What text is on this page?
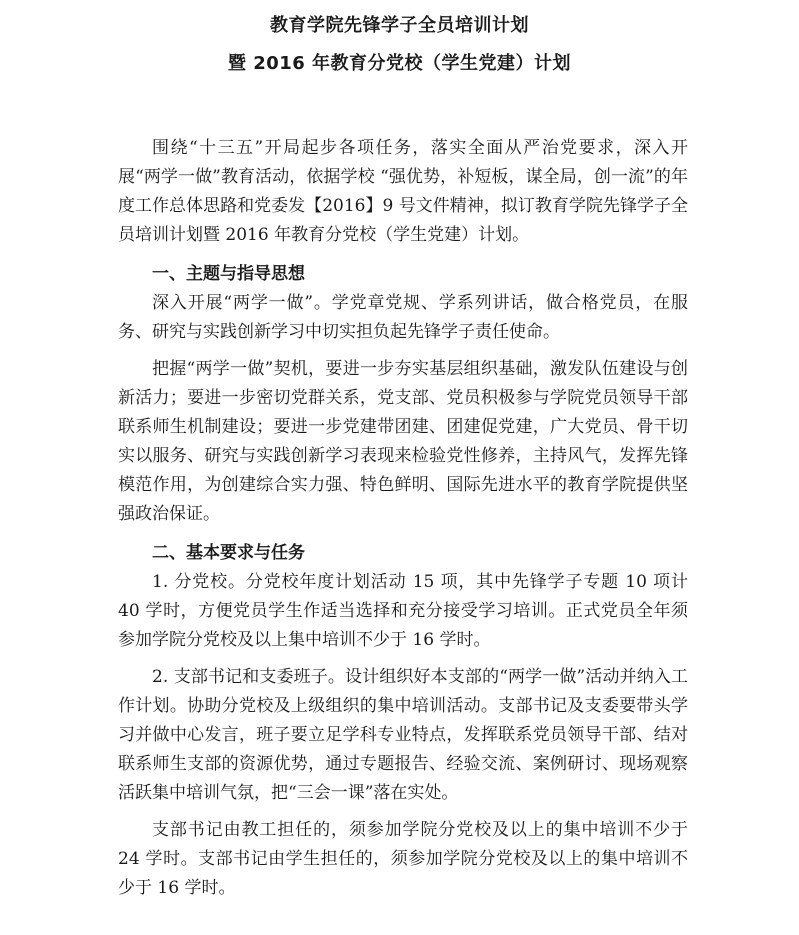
教育学院先锋学子全员培训计划
暨 2016 年教育分党校（学生党建）计划

围绕“十三五”开局起步各项任务，落实全面从严治党要求，深入开展“两学一做”教育活动，依据学校 “强优势，补短板，谋全局，创一流”的年度工作总体思路和党委发【2016】9 号文件精神，拟订教育学院先锋学子全员培训计划暨 2016 年教育分党校（学生党建）计划。

一、主题与指导思想

深入开展“两学一做”。学党章党规、学系列讲话，做合格党员，在服务、研究与实践创新学习中切实担负起先锋学子责任使命。

把握“两学一做”契机，要进一步夯实基层组织基础，激发队伍建设与创新活力；要进一步密切党群关系，党支部、党员积极参与学院党员领导干部联系师生机制建设；要进一步党建带团建、团建促党建，广大党员、骨干切实以服务、研究与实践创新学习表现来检验党性修养，主持风气，发挥先锋模范作用，为创建综合实力强、特色鲜明、国际先进水平的教育学院提供坚强政治保证。

二、基本要求与任务

1. 分党校。分党校年度计划活动 15 项，其中先锋学子专题 10 项计 40 学时，方便党员学生作适当选择和充分接受学习培训。正式党员全年须参加学院分党校及以上集中培训不少于 16 学时。

2. 支部书记和支委班子。设计组织好本支部的“两学一做”活动并纳入工作计划。协助分党校及上级组织的集中培训活动。支部书记及支委要带头学习并做中心发言，班子要立足学科专业特点，发挥联系党员领导干部、结对联系师生支部的资源优势，通过专题报告、经验交流、案例研讨、现场观察活跃集中培训气氛，把“三会一课”落在实处。

支部书记由教工担任的，须参加学院分党校及以上的集中培训不少于 24 学时。支部书记由学生担任的，须参加学院分党校及以上的集中培训不少于 16 学时。
